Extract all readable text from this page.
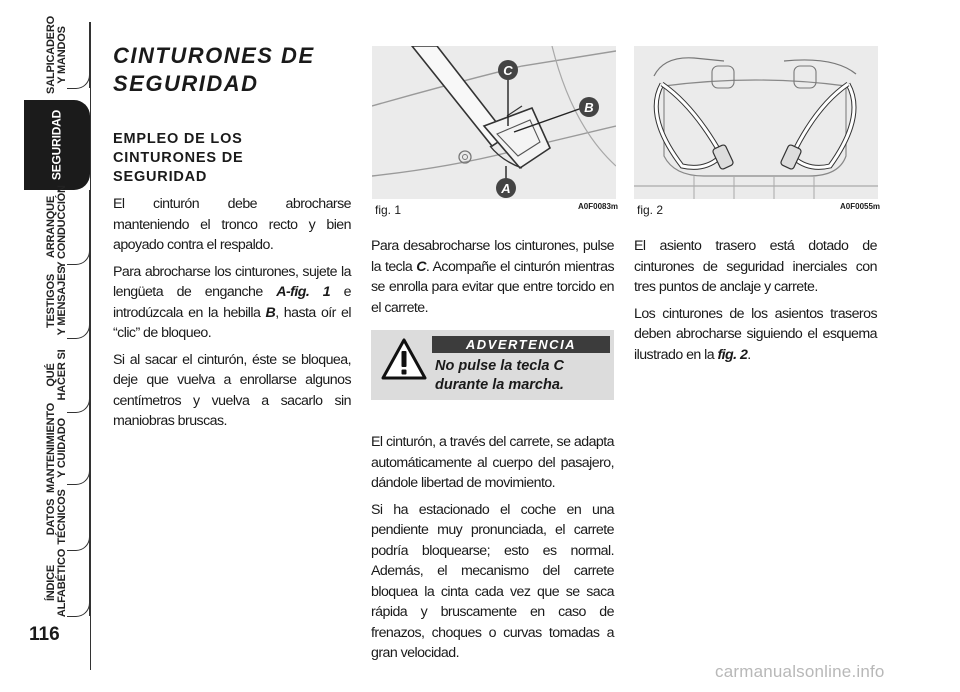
SALPICADERO
Y MANDOS
SEGURIDAD
ARRANQUE
Y CONDUCCIÓN
TESTIGOS
Y MENSAJES
QUÉ
HACER SI
MANTENIMIENTO
Y CUIDADO
DATOS
TÉCNICOS
ÍNDICE
ALFABÉTICO
116
CINTURONES DE SEGURIDAD
EMPLEO DE LOS CINTURONES DE SEGURIDAD

El cinturón debe abrocharse manteniendo el tronco recto y bien apoyado contra el respaldo.

Para abrocharse los cinturones, sujete la lengüeta de enganche A-fig. 1 e introdúzcala en la hebilla B, hasta oír el “clic” de bloqueo.

Si al sacar el cinturón, éste se bloquea, deje que vuelva a enrollarse algunos centímetros y vuelva a sacarlo sin maniobras bruscas.

C
B
A
fig. 1	A0F0083m fig. 2	A0F0055m

Para desabrocharse los cinturones, pulse la tecla C. Acompañe el cinturón mientras se enrolla para evitar que entre torcido en el carrete.

ADVERTENCIA
No pulse la tecla C durante la marcha.

El cinturón, a través del carrete, se adapta automáticamente al cuerpo del pasajero, dándole libertad de movimiento.

Si ha estacionado el coche en una pendiente muy pronunciada, el carrete podría bloquearse; esto es normal. Además, el mecanismo del carrete bloquea la cinta cada vez que se saca rápida y bruscamente en caso de frenazos, choques o curvas tomadas a gran velocidad.

El asiento trasero está dotado de cinturones de seguridad inerciales con tres puntos de anclaje y carrete.

Los cinturones de los asientos traseros deben abrocharse siguiendo el esquema ilustrado en la fig. 2.

carmanualsonline.info
